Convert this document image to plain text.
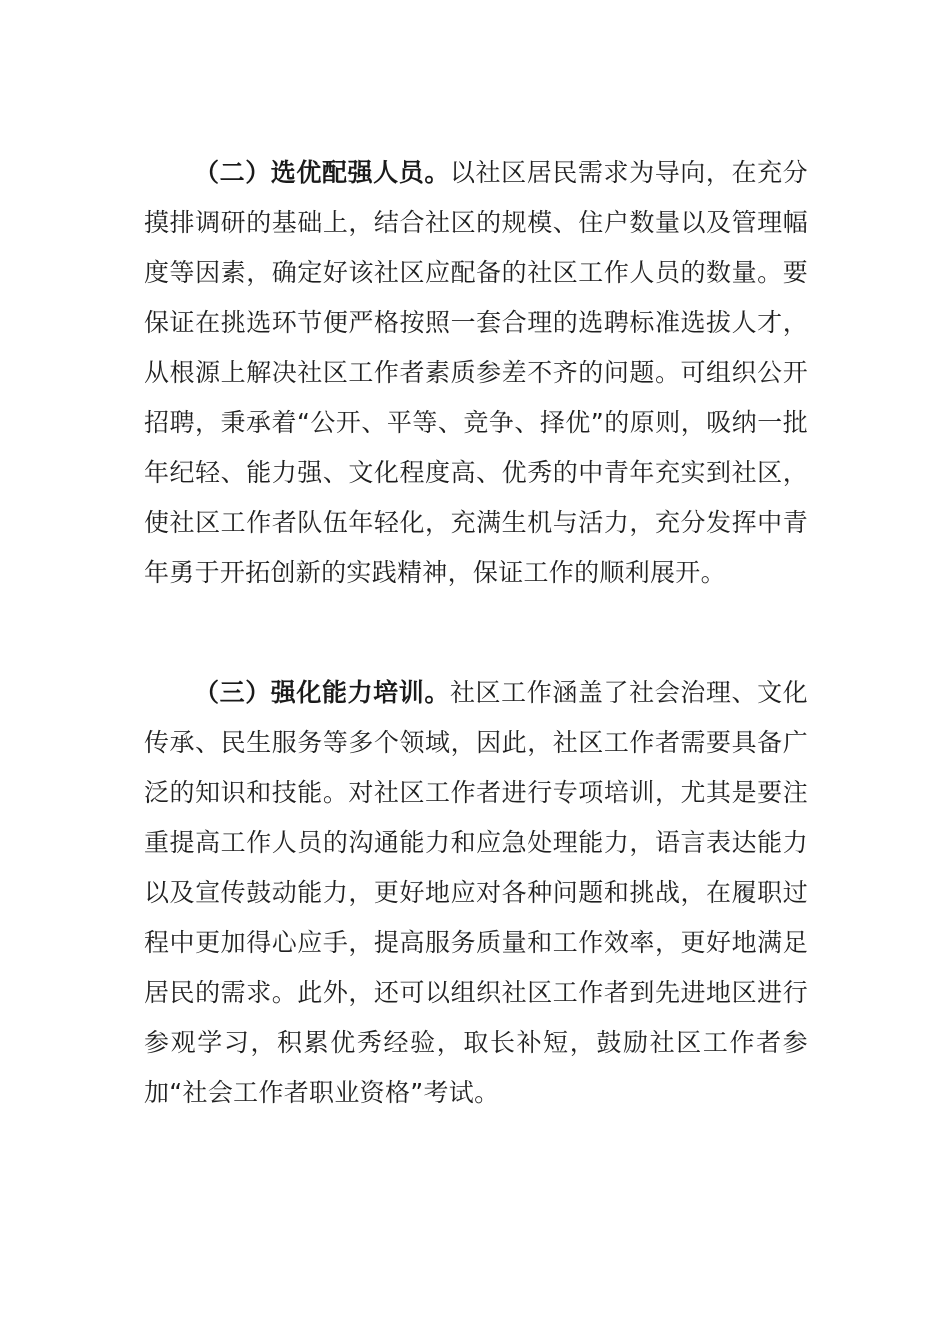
（二）选优配强人员。以社区居民需求为导向，在充分摸排调研的基础上，结合社区的规模、住户数量以及管理幅度等因素，确定好该社区应配备的社区工作人员的数量。要保证在挑选环节便严格按照一套合理的选聘标准选拔人才，从根源上解决社区工作者素质参差不齐的问题。可组织公开招聘，秉承着“公开、平等、竞争、择优”的原则，吸纳一批年纪轻、能力强、文化程度高、优秀的中青年充实到社区，使社区工作者队伍年轻化，充满生机与活力，充分发挥中青年勇于开拓创新的实践精神，保证工作的顺利展开。

（三）强化能力培训。社区工作涵盖了社会治理、文化传承、民生服务等多个领域，因此，社区工作者需要具备广泛的知识和技能。对社区工作者进行专项培训，尤其是要注重提高工作人员的沟通能力和应急处理能力，语言表达能力以及宣传鼓动能力，更好地应对各种问题和挑战，在履职过程中更加得心应手，提高服务质量和工作效率，更好地满足居民的需求。此外，还可以组织社区工作者到先进地区进行参观学习，积累优秀经验，取长补短，鼓励社区工作者参加“社会工作者职业资格”考试。
